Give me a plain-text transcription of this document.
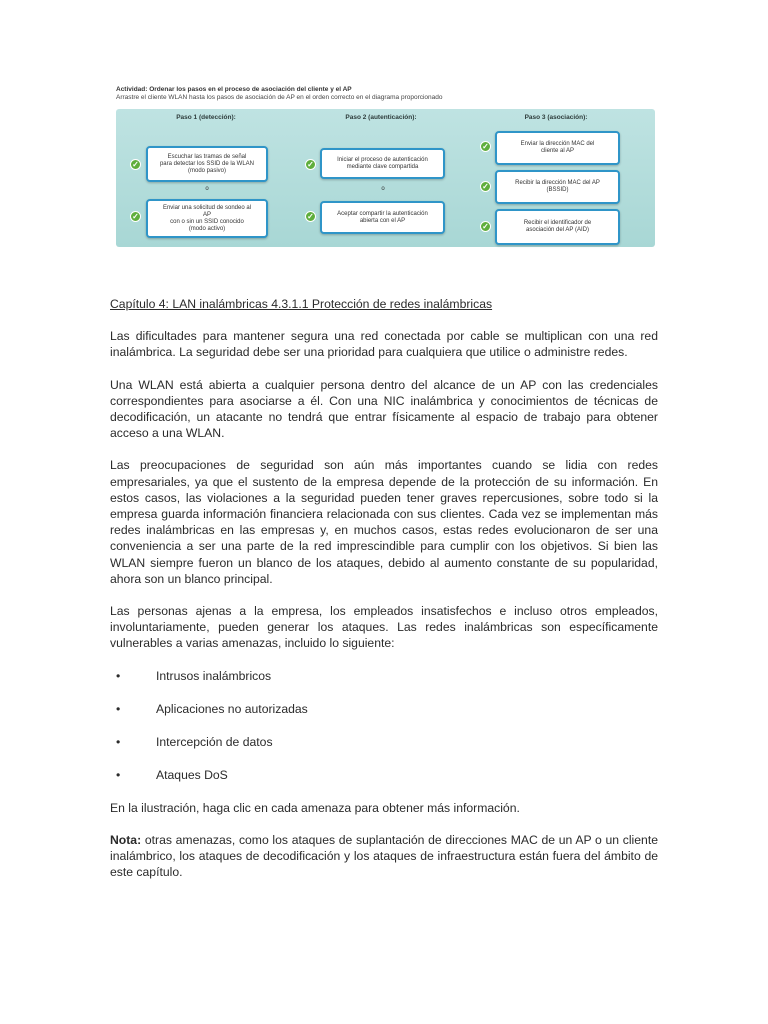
Actividad: Ordenar los pasos en el proceso de asociación del cliente y el AP
Arrastre el cliente WLAN hasta los pasos de asociación de AP en el orden correcto en el diagrama proporcionado
Paso 1 (detección):	Paso 2 (autenticación):	Paso 3 (asociación):
✓
Escuchar las tramas de señal
para detectar los SSID de la WLAN
(modo pasivo)
o
✓
Enviar una solicitud de sondeo al
AP
con o sin un SSID conocido
(modo activo)
✓
Iniciar el proceso de autenticación
mediante clave compartida
o
✓	Aceptar compartir la autenticación
abierta con el AP
✓	Enviar la dirección MAC del
cliente al AP
✓	Recibir la dirección MAC del AP
(BSSID)
✓	Recibir el identificador de
asociación del AP (AID)

Capítulo 4: LAN inalámbricas 4.3.1.1 Protección de redes inalámbricas

Las dificultades para mantener segura una red conectada por cable se multiplican con una red inalámbrica. La seguridad debe ser una prioridad para cualquiera que utilice o administre redes.

Una WLAN está abierta a cualquier persona dentro del alcance de un AP con las credenciales correspondientes para asociarse a él. Con una NIC inalámbrica y conocimientos de técnicas de decodificación, un atacante no tendrá que entrar físicamente al espacio de trabajo para obtener acceso a una WLAN.

Las preocupaciones de seguridad son aún más importantes cuando se lidia con redes empresariales, ya que el sustento de la empresa depende de la protección de su información. En estos casos, las violaciones a la seguridad pueden tener graves repercusiones, sobre todo si la empresa guarda información financiera relacionada con sus clientes. Cada vez se implementan más redes inalámbricas en las empresas y, en muchos casos, estas redes evolucionaron de ser una conveniencia a ser una parte de la red imprescindible para cumplir con los objetivos. Si bien las WLAN siempre fueron un blanco de los ataques, debido al aumento constante de su popularidad, ahora son un blanco principal.

Las personas ajenas a la empresa, los empleados insatisfechos e incluso otros empleados, involuntariamente, pueden generar los ataques. Las redes inalámbricas son específicamente vulnerables a varias amenazas, incluido lo siguiente:

•	Intrusos inalámbricos
•	Aplicaciones no autorizadas
•	Intercepción de datos
•	Ataques DoS

En la ilustración, haga clic en cada amenaza para obtener más información.

Nota: otras amenazas, como los ataques de suplantación de direcciones MAC de un AP o un cliente inalámbrico, los ataques de decodificación y los ataques de infraestructura están fuera del ámbito de este capítulo.
